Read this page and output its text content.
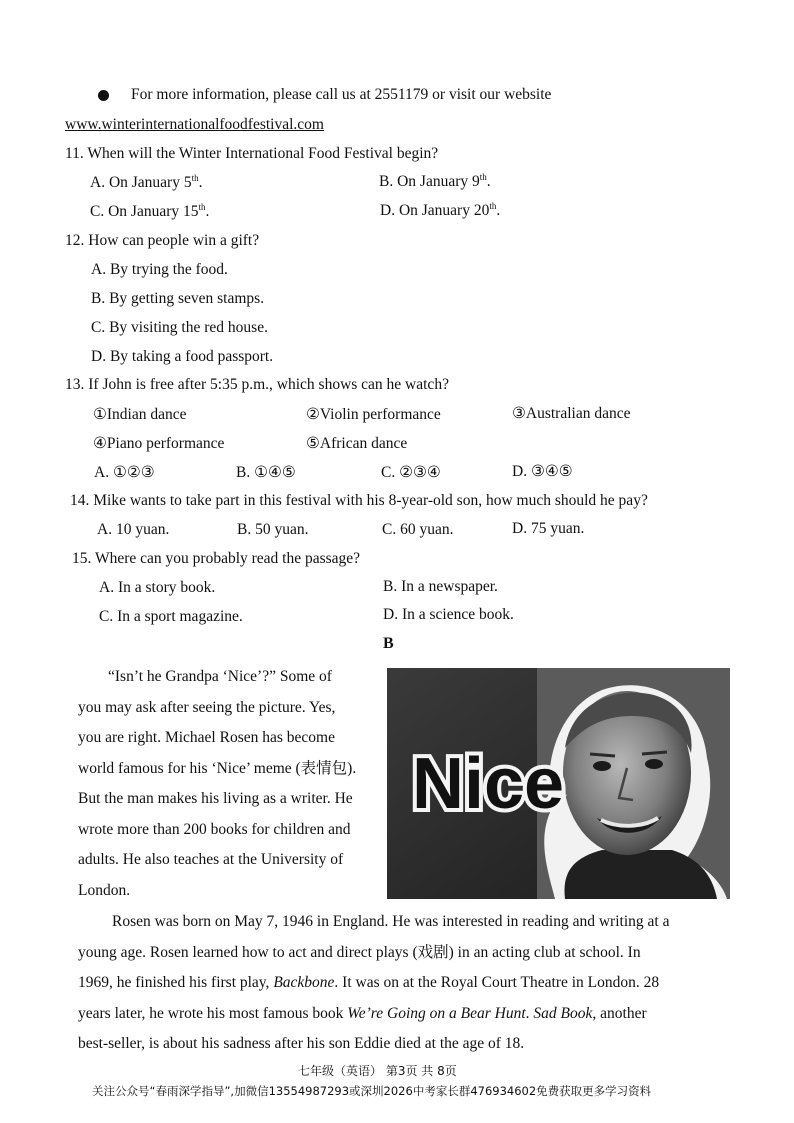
For more information, please call us at 2551179 or visit our website
www.winterinternationalfoodfestival.com
11. When will the Winter International Food Festival begin?
A. On January 5th.	B. On January 9th.
C. On January 15th.	D. On January 20th.
12. How can people win a gift?
A. By trying the food.
B. By getting seven stamps.
C. By visiting the red house.
D. By taking a food passport.
13. If John is free after 5:35 p.m., which shows can he watch?
①Indian dance	②Violin performance	③Australian dance
④Piano performance	⑤African dance
A. ①②③	B. ①④⑤	C. ②③④	D. ③④⑤
14. Mike wants to take part in this festival with his 8-year-old son, how much should he pay?
A. 10 yuan.	B. 50 yuan.	C. 60 yuan.	D. 75 yuan.
15. Where can you probably read the passage?
A. In a story book.	B. In a newspaper.
C. In a sport magazine.	D. In a science book.
B
“Isn’t he Grandpa ‘Nice’?” Some of
you may ask after seeing the picture. Yes,
you are right. Michael Rosen has become
world famous for his ‘Nice’ meme (表情包).
But the man makes his living as a writer. He
wrote more than 200 books for children and
adults. He also teaches at the University of
London.
Nice
Rosen was born on May 7, 1946 in England. He was interested in reading and writing at a
young age. Rosen learned how to act and direct plays (戏剧) in an acting club at school. In
1969, he finished his first play, Backbone. It was on at the Royal Court Theatre in London. 28
years later, he wrote his most famous book We’re Going on a Bear Hunt. Sad Book, another
best-seller, is about his sadness after his son Eddie died at the age of 18.
七年级（英语） 第3页 共 8页
关注公众号“春雨深学指导”,加微信13554987293或深圳2026中考家长群476934602免费获取更多学习资料
